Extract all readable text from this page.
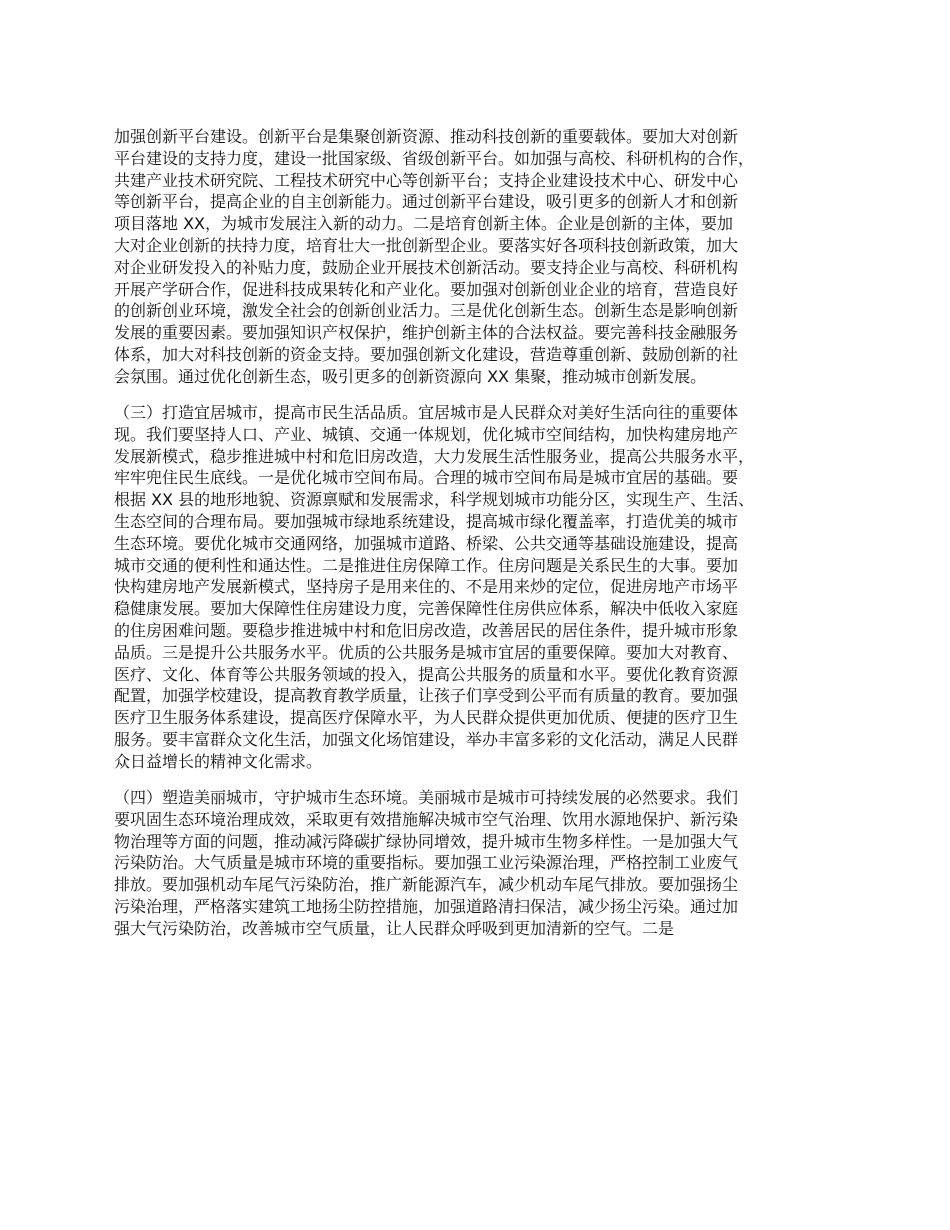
加强创新平台建设。创新平台是集聚创新资源、推动科技创新的重要载体。要加大对创新
平台建设的支持力度，建设一批国家级、省级创新平台。如加强与高校、科研机构的合作，
共建产业技术研究院、工程技术研究中心等创新平台；支持企业建设技术中心、研发中心
等创新平台，提高企业的自主创新能力。通过创新平台建设，吸引更多的创新人才和创新
项目落地 XX，为城市发展注入新的动力。二是培育创新主体。企业是创新的主体，要加
大对企业创新的扶持力度，培育壮大一批创新型企业。要落实好各项科技创新政策，加大
对企业研发投入的补贴力度，鼓励企业开展技术创新活动。要支持企业与高校、科研机构
开展产学研合作，促进科技成果转化和产业化。要加强对创新创业企业的培育，营造良好
的创新创业环境，激发全社会的创新创业活力。三是优化创新生态。创新生态是影响创新
发展的重要因素。要加强知识产权保护，维护创新主体的合法权益。要完善科技金融服务
体系，加大对科技创新的资金支持。要加强创新文化建设，营造尊重创新、鼓励创新的社
会氛围。通过优化创新生态，吸引更多的创新资源向 XX 集聚，推动城市创新发展。
（三）打造宜居城市，提高市民生活品质。宜居城市是人民群众对美好生活向往的重要体
现。我们要坚持人口、产业、城镇、交通一体规划，优化城市空间结构，加快构建房地产
发展新模式，稳步推进城中村和危旧房改造，大力发展生活性服务业，提高公共服务水平，
牢牢兜住民生底线。一是优化城市空间布局。合理的城市空间布局是城市宜居的基础。要
根据 XX 县的地形地貌、资源禀赋和发展需求，科学规划城市功能分区，实现生产、生活、
生态空间的合理布局。要加强城市绿地系统建设，提高城市绿化覆盖率，打造优美的城市
生态环境。要优化城市交通网络，加强城市道路、桥梁、公共交通等基础设施建设，提高
城市交通的便利性和通达性。二是推进住房保障工作。住房问题是关系民生的大事。要加
快构建房地产发展新模式，坚持房子是用来住的、不是用来炒的定位，促进房地产市场平
稳健康发展。要加大保障性住房建设力度，完善保障性住房供应体系，解决中低收入家庭
的住房困难问题。要稳步推进城中村和危旧房改造，改善居民的居住条件，提升城市形象
品质。三是提升公共服务水平。优质的公共服务是城市宜居的重要保障。要加大对教育、
医疗、文化、体育等公共服务领域的投入，提高公共服务的质量和水平。要优化教育资源
配置，加强学校建设，提高教育教学质量，让孩子们享受到公平而有质量的教育。要加强
医疗卫生服务体系建设，提高医疗保障水平，为人民群众提供更加优质、便捷的医疗卫生
服务。要丰富群众文化生活，加强文化场馆建设，举办丰富多彩的文化活动，满足人民群
众日益增长的精神文化需求。
（四）塑造美丽城市，守护城市生态环境。美丽城市是城市可持续发展的必然要求。我们
要巩固生态环境治理成效，采取更有效措施解决城市空气治理、饮用水源地保护、新污染
物治理等方面的问题，推动减污降碳扩绿协同增效，提升城市生物多样性。一是加强大气
污染防治。大气质量是城市环境的重要指标。要加强工业污染源治理，严格控制工业废气
排放。要加强机动车尾气污染防治，推广新能源汽车，减少机动车尾气排放。要加强扬尘
污染治理，严格落实建筑工地扬尘防控措施，加强道路清扫保洁，减少扬尘污染。通过加
强大气污染防治，改善城市空气质量，让人民群众呼吸到更加清新的空气。二是
